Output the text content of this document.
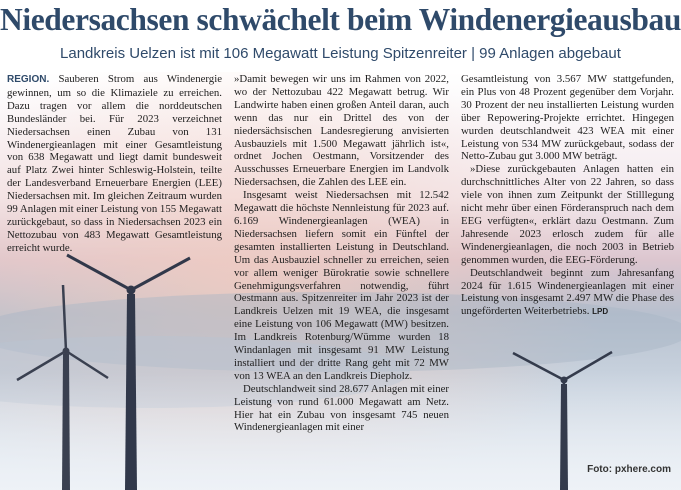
Niedersachsen schwächelt beim Windenergieausbau
Landkreis Uelzen ist mit 106 Megawatt Leistung Spitzenreiter | 99 Anlagen abgebaut

REGION. Sauberen Strom aus Windenergie gewinnen, um so die Klimaziele zu erreichen. Dazu tragen vor allem die norddeutschen Bundesländer bei. Für 2023 verzeichnet Niedersachsen einen Zubau von 131 Windenergieanlagen mit einer Gesamtleistung von 638 Megawatt und liegt damit bundesweit auf Platz Zwei hinter Schleswig-Holstein, teilte der Landesverband Erneuerbare Energien (LEE) Niedersachsen mit. Im gleichen Zeitraum wurden 99 Anlagen mit einer Leistung von 155 Megawatt zurückgebaut, so dass in Niedersachsen 2023 ein Nettozubau von 483 Megawatt Gesamtleistung erreicht wurde.

»Damit bewegen wir uns im Rahmen von 2022, wo der Nettozubau 422 Megawatt betrug. Wir Landwirte haben einen großen Anteil daran, auch wenn das nur ein Drittel des von der niedersächsischen Landesregierung anvisierten Ausbauziels mit 1.500 Megawatt jährlich ist«, ordnet Jochen Oestmann, Vorsitzender des Ausschusses Erneuerbare Energien im Landvolk Niedersachsen, die Zahlen des LEE ein.

Insgesamt weist Niedersachsen mit 12.542 Megawatt die höchste Nennleistung für 2023 auf. 6.169 Windenergieanlagen (WEA) in Niedersachsen liefern somit ein Fünftel der gesamten installierten Leistung in Deutschland. Um das Ausbauziel schneller zu erreichen, seien vor allem weniger Bürokratie sowie schnellere Genehmigungsverfahren notwendig, führt Oestmann aus. Spitzenreiter im Jahr 2023 ist der Landkreis Uelzen mit 19 WEA, die insgesamt eine Leistung von 106 Megawatt (MW) besitzen. Im Landkreis Rotenburg/Wümme wurden 18 Windanlagen mit insgesamt 91 MW Leistung installiert und der dritte Rang geht mit 72 MW von 13 WEA an den Landkreis Diepholz.

Deutschlandweit sind 28.677 Anlagen mit einer Leistung von rund 61.000 Megawatt am Netz. Hier hat ein Zubau von insgesamt 745 neuen Windenergieanlagen mit einer

Gesamtleistung von 3.567 MW stattgefunden, ein Plus von 48 Prozent gegenüber dem Vorjahr. 30 Prozent der neu installierten Leistung wurden über Repowering-Projekte errichtet. Hingegen wurden deutschlandweit 423 WEA mit einer Leistung von 534 MW zurückgebaut, sodass der Netto-Zubau gut 3.000 MW beträgt.

»Diese zurückgebauten Anlagen hatten ein durchschnittliches Alter von 22 Jahren, so dass viele von ihnen zum Zeitpunkt der Stilllegung nicht mehr über einen Förderanspruch nach dem EEG verfügten«, erklärt dazu Oestmann. Zum Jahresende 2023 erlosch zudem für alle Windenergieanlagen, die noch 2003 in Betrieb genommen wurden, die EEG-Förderung.

Deutschlandweit beginnt zum Jahresanfang 2024 für 1.615 Windenergieanlagen mit einer Leistung von insgesamt 2.497 MW die Phase des ungeförderten Weiterbetriebs. LPD

Foto: pxhere.com
